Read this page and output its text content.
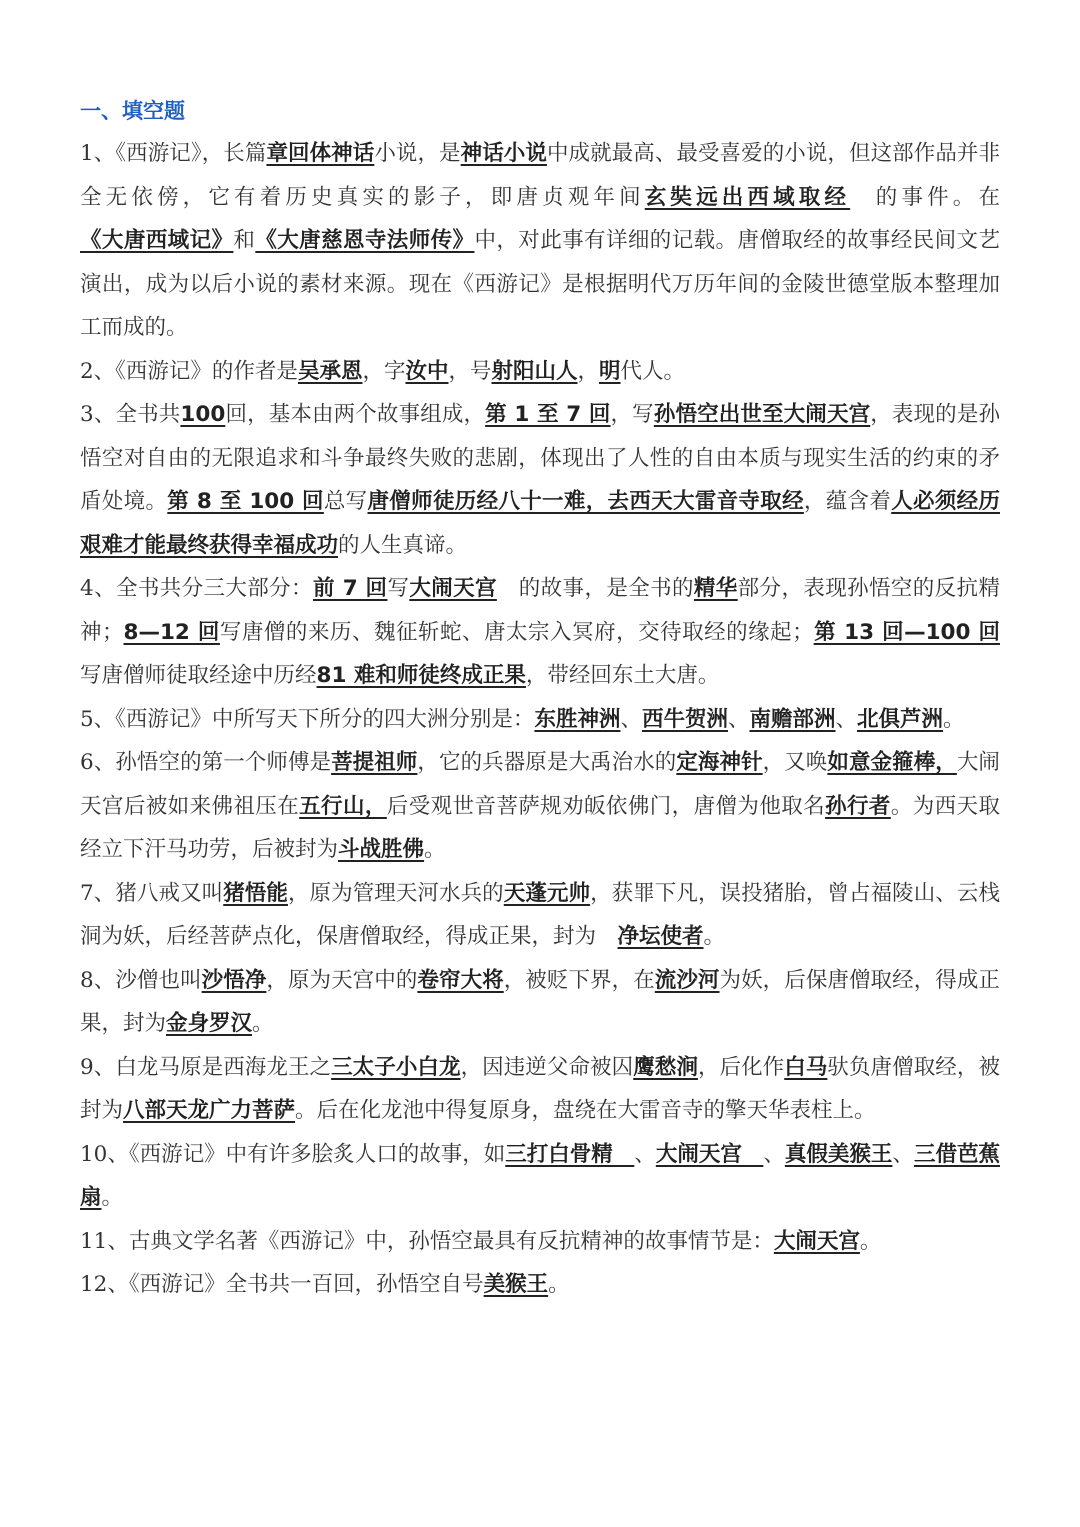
一、填空题

1、《西游记》，长篇章回体神话小说，是神话小说中成就最高、最受喜爱的小说，但这部作品并非全无依傍，它有着历史真实的影子，即唐贞观年间玄奘远出西域取经　的事件。在《大唐西域记》和《大唐慈恩寺法师传》中，对此事有详细的记载。唐僧取经的故事经民间文艺演出，成为以后小说的素材来源。现在《西游记》是根据明代万历年间的金陵世德堂版本整理加工而成的。

2、《西游记》的作者是吴承恩，字汝中，号射阳山人，明代人。

3、全书共100回，基本由两个故事组成，第 1 至 7 回，写孙悟空出世至大闹天宫，表现的是孙悟空对自由的无限追求和斗争最终失败的悲剧，体现出了人性的自由本质与现实生活的约束的矛盾处境。第 8 至 100 回总写唐僧师徒历经八十一难，去西天大雷音寺取经，蕴含着人必须经历艰难才能最终获得幸福成功的人生真谛。

4、全书共分三大部分：前 7 回写大闹天宫　的故事，是全书的精华部分，表现孙悟空的反抗精神；8—12 回写唐僧的来历、魏征斩蛇、唐太宗入冥府，交待取经的缘起；第 13 回—100 回写唐僧师徒取经途中历经81 难和师徒终成正果，带经回东土大唐。

5、《西游记》中所写天下所分的四大洲分别是：东胜神洲、西牛贺洲、南赡部洲、北俱芦洲。

6、孙悟空的第一个师傅是菩提祖师，它的兵器原是大禹治水的定海神针，又唤如意金箍棒，大闹天宫后被如来佛祖压在五行山，后受观世音菩萨规劝皈依佛门，唐僧为他取名孙行者。为西天取经立下汗马功劳，后被封为斗战胜佛。

7、猪八戒又叫猪悟能，原为管理天河水兵的天蓬元帅，获罪下凡，误投猪胎，曾占福陵山、云栈洞为妖，后经菩萨点化，保唐僧取经，得成正果，封为　净坛使者。

8、沙僧也叫沙悟净，原为天宫中的卷帘大将，被贬下界，在流沙河为妖，后保唐僧取经，得成正果，封为金身罗汉。

9、白龙马原是西海龙王之三太子小白龙，因违逆父命被囚鹰愁涧，后化作白马驮负唐僧取经，被封为八部天龙广力菩萨。后在化龙池中得复原身，盘绕在大雷音寺的擎天华表柱上。

10、《西游记》中有许多脍炙人口的故事，如三打白骨精　、大闹天宫　、真假美猴王、三借芭蕉扇。

11、古典文学名著《西游记》中，孙悟空最具有反抗精神的故事情节是：大闹天宫。

12、《西游记》全书共一百回，孙悟空自号美猴王。
